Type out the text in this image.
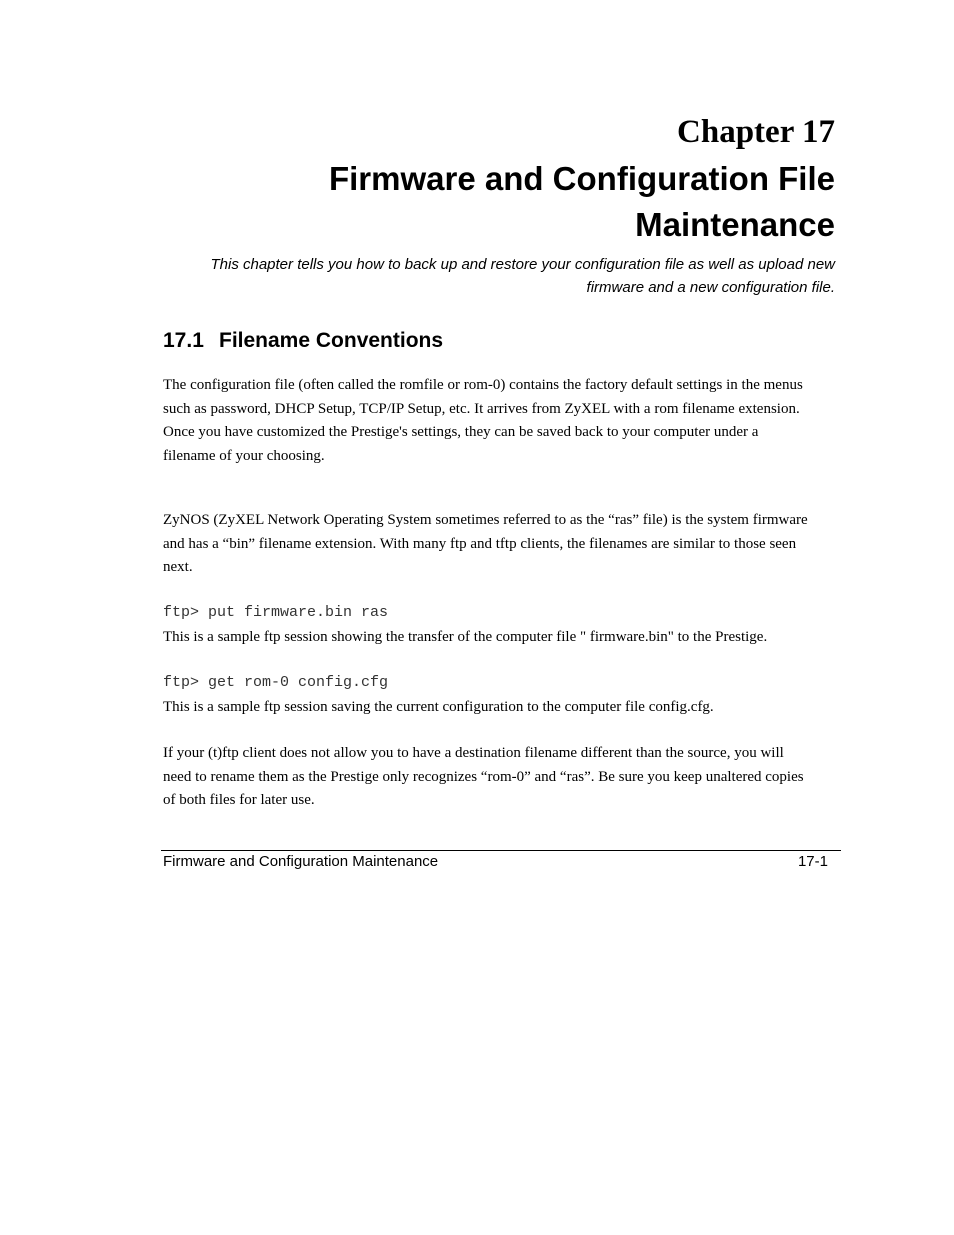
Chapter 17
Firmware and Configuration File
Maintenance
This chapter tells you how to back up and restore your configuration file as well as upload new
firmware and a new configuration file.
17.1 Filename Conventions
The configuration file (often called the romfile or rom-0) contains the factory default settings in the menus
such as password, DHCP Setup, TCP/IP Setup, etc. It arrives from ZyXEL with a rom filename extension.
Once you have customized the Prestige's settings, they can be saved back to your computer under a
filename of your choosing.
ZyNOS (ZyXEL Network Operating System sometimes referred to as the “ras” file) is the system firmware
and has a “bin” filename extension. With many ftp and tftp clients, the filenames are similar to those seen
next.
ftp> put firmware.bin ras
This is a sample ftp session showing the transfer of the computer file " firmware.bin" to the Prestige.
ftp> get rom-0 config.cfg
This is a sample ftp session saving the current configuration to the computer file config.cfg.
If your (t)ftp client does not allow you to have a destination filename different than the source, you will
need to rename them as the Prestige only recognizes “rom-0” and “ras”. Be sure you keep unaltered copies
of both files for later use.
Firmware and Configuration Maintenance	17-1
